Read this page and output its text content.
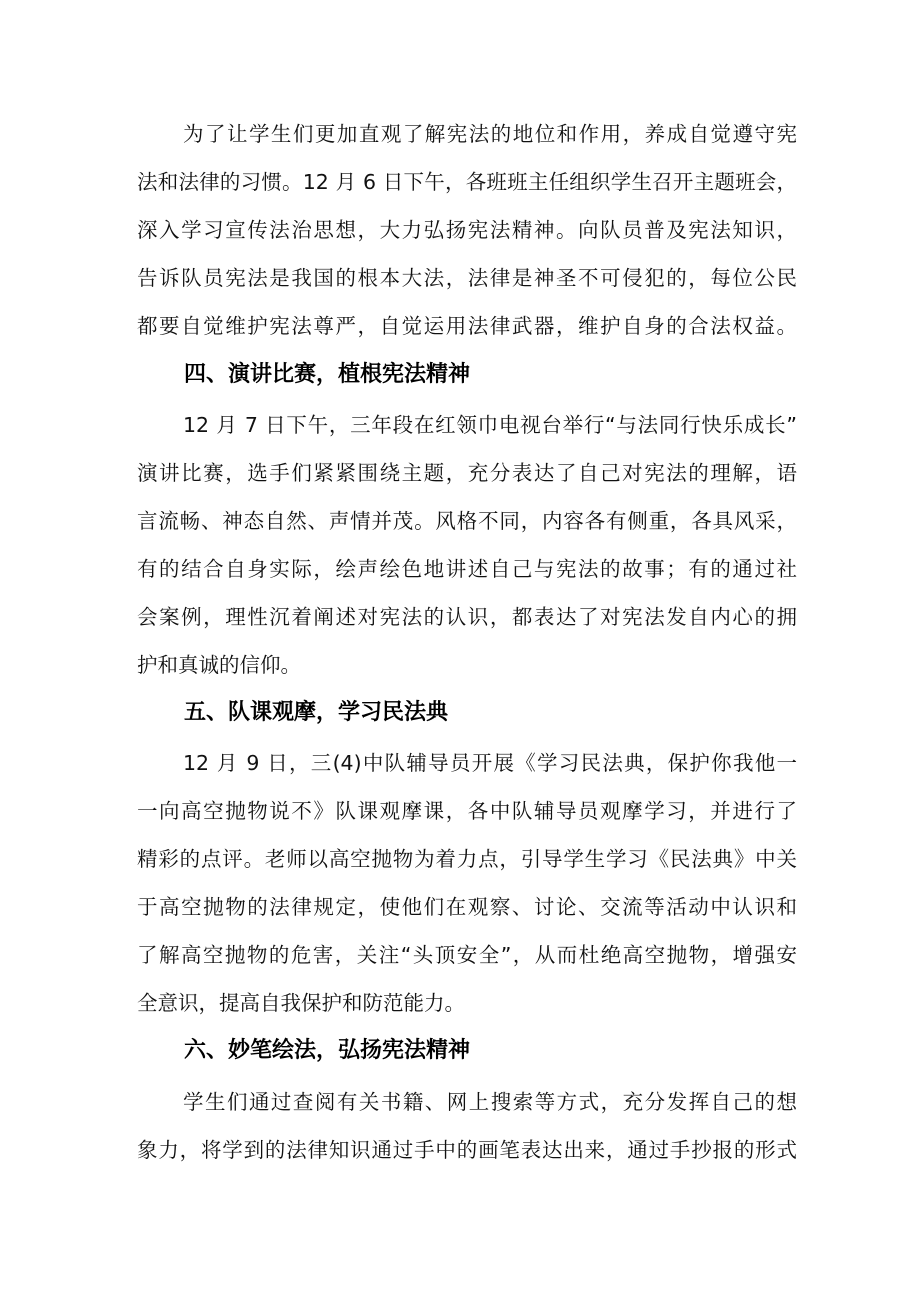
为了让学生们更加直观了解宪法的地位和作用，养成自觉遵守宪
法和法律的习惯。12 月 6 日下午，各班班主任组织学生召开主题班会，
深入学习宣传法治思想，大力弘扬宪法精神。向队员普及宪法知识，
告诉队员宪法是我国的根本大法，法律是神圣不可侵犯的，每位公民
都要自觉维护宪法尊严，自觉运用法律武器，维护自身的合法权益。
四、演讲比赛，植根宪法精神
12 月 7 日下午，三年段在红领巾电视台举行“与法同行快乐成长”
演讲比赛，选手们紧紧围绕主题，充分表达了自己对宪法的理解，语
言流畅、神态自然、声情并茂。风格不同，内容各有侧重，各具风采，
有的结合自身实际，绘声绘色地讲述自己与宪法的故事；有的通过社
会案例，理性沉着阐述对宪法的认识，都表达了对宪法发自内心的拥
护和真诚的信仰。
五、队课观摩，学习民法典
12 月 9 日，三(4)中队辅导员开展《学习民法典，保护你我他一
一向高空抛物说不》队课观摩课，各中队辅导员观摩学习，并进行了
精彩的点评。老师以高空抛物为着力点，引导学生学习《民法典》中关
于高空抛物的法律规定，使他们在观察、讨论、交流等活动中认识和
了解高空抛物的危害，关注“头顶安全”，从而杜绝高空抛物，增强安
全意识，提高自我保护和防范能力。
六、妙笔绘法，弘扬宪法精神
学生们通过查阅有关书籍、网上搜索等方式，充分发挥自己的想
象力，将学到的法律知识通过手中的画笔表达出来，通过手抄报的形式
